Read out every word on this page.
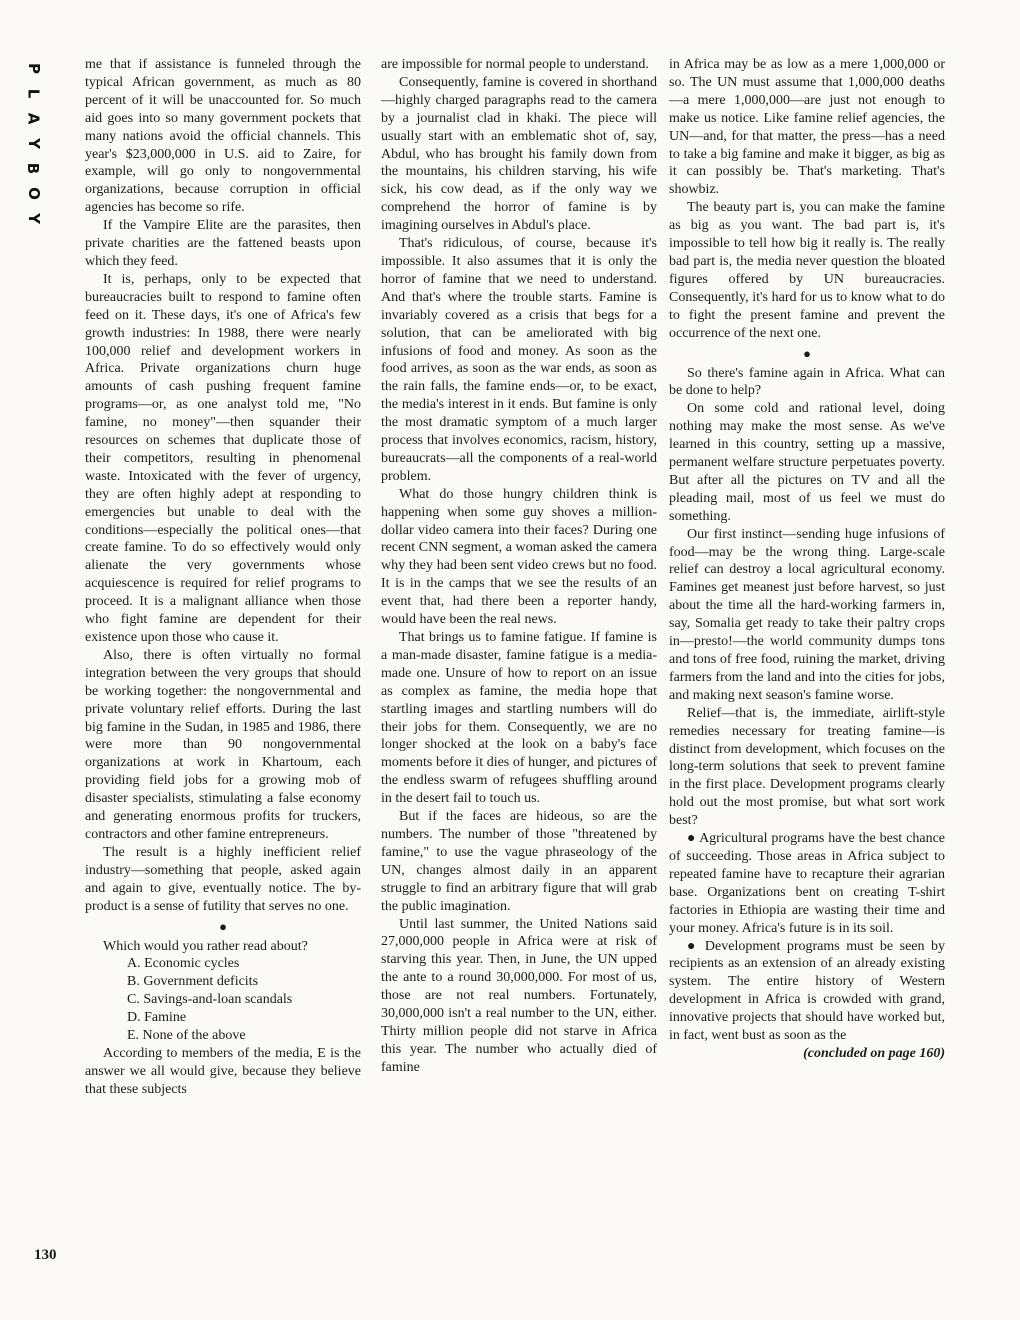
P
L
A
Y
B
O
Y
130

me that if assistance is funneled through the typical African government, as much as 80 percent of it will be unaccounted for. So much aid goes into so many government pockets that many nations avoid the official channels. This year's $23,000,000 in U.S. aid to Zaire, for example, will go only to nongovernmental organizations, because corruption in official agencies has become so rife.

If the Vampire Elite are the parasites, then private charities are the fattened beasts upon which they feed.

It is, perhaps, only to be expected that bureaucracies built to respond to famine often feed on it. These days, it's one of Africa's few growth industries: In 1988, there were nearly 100,000 relief and development workers in Africa. Private organizations churn huge amounts of cash pushing frequent famine programs—or, as one analyst told me, "No famine, no money"—then squander their resources on schemes that duplicate those of their competitors, resulting in phenomenal waste. Intoxicated with the fever of urgency, they are often highly adept at responding to emergencies but unable to deal with the conditions—especially the political ones—that create famine. To do so effectively would only alienate the very governments whose acquiescence is required for relief programs to proceed. It is a malignant alliance when those who fight famine are dependent for their existence upon those who cause it.

Also, there is often virtually no formal integration between the very groups that should be working together: the nongovernmental and private voluntary relief efforts. During the last big famine in the Sudan, in 1985 and 1986, there were more than 90 nongovernmental organizations at work in Khartoum, each providing field jobs for a growing mob of disaster specialists, stimulating a false economy and generating enormous profits for truckers, contractors and other famine entrepreneurs.

The result is a highly inefficient relief industry—something that people, asked again and again to give, eventually notice. The by-product is a sense of futility that serves no one.

●

Which would you rather read about?

A. Economic cycles

B. Government deficits

C. Savings-and-loan scandals

D. Famine

E. None of the above

According to members of the media, E is the answer we all would give, because they believe that these subjects

are impossible for normal people to understand.

Consequently, famine is covered in shorthand—highly charged paragraphs read to the camera by a journalist clad in khaki. The piece will usually start with an emblematic shot of, say, Abdul, who has brought his family down from the mountains, his children starving, his wife sick, his cow dead, as if the only way we comprehend the horror of famine is by imagining ourselves in Abdul's place.

That's ridiculous, of course, because it's impossible. It also assumes that it is only the horror of famine that we need to understand. And that's where the trouble starts. Famine is invariably covered as a crisis that begs for a solution, that can be ameliorated with big infusions of food and money. As soon as the food arrives, as soon as the war ends, as soon as the rain falls, the famine ends—or, to be exact, the media's interest in it ends. But famine is only the most dramatic symptom of a much larger process that involves economics, racism, history, bureaucrats—all the components of a real-world problem.

What do those hungry children think is happening when some guy shoves a million-dollar video camera into their faces? During one recent CNN segment, a woman asked the camera why they had been sent video crews but no food. It is in the camps that we see the results of an event that, had there been a reporter handy, would have been the real news.

That brings us to famine fatigue. If famine is a man-made disaster, famine fatigue is a media-made one. Unsure of how to report on an issue as complex as famine, the media hope that startling images and startling numbers will do their jobs for them. Consequently, we are no longer shocked at the look on a baby's face moments before it dies of hunger, and pictures of the endless swarm of refugees shuffling around in the desert fail to touch us.

But if the faces are hideous, so are the numbers. The number of those "threatened by famine," to use the vague phraseology of the UN, changes almost daily in an apparent struggle to find an arbitrary figure that will grab the public imagination.

Until last summer, the United Nations said 27,000,000 people in Africa were at risk of starving this year. Then, in June, the UN upped the ante to a round 30,000,000. For most of us, those are not real numbers. Fortunately, 30,000,000 isn't a real number to the UN, either. Thirty million people did not starve in Africa this year. The number who actually died of famine

in Africa may be as low as a mere 1,000,000 or so. The UN must assume that 1,000,000 deaths—a mere 1,000,000—are just not enough to make us notice. Like famine relief agencies, the UN—and, for that matter, the press—has a need to take a big famine and make it bigger, as big as it can possibly be. That's marketing. That's showbiz.

The beauty part is, you can make the famine as big as you want. The bad part is, it's impossible to tell how big it really is. The really bad part is, the media never question the bloated figures offered by UN bureaucracies. Consequently, it's hard for us to know what to do to fight the present famine and prevent the occurrence of the next one.

●

So there's famine again in Africa. What can be done to help?

On some cold and rational level, doing nothing may make the most sense. As we've learned in this country, setting up a massive, permanent welfare structure perpetuates poverty. But after all the pictures on TV and all the pleading mail, most of us feel we must do something.

Our first instinct—sending huge infusions of food—may be the wrong thing. Large-scale relief can destroy a local agricultural economy. Famines get meanest just before harvest, so just about the time all the hard-working farmers in, say, Somalia get ready to take their paltry crops in—presto!—the world community dumps tons and tons of free food, ruining the market, driving farmers from the land and into the cities for jobs, and making next season's famine worse.

Relief—that is, the immediate, airlift-style remedies necessary for treating famine—is distinct from development, which focuses on the long-term solutions that seek to prevent famine in the first place. Development programs clearly hold out the most promise, but what sort work best?

● Agricultural programs have the best chance of succeeding. Those areas in Africa subject to repeated famine have to recapture their agrarian base. Organizations bent on creating T-shirt factories in Ethiopia are wasting their time and your money. Africa's future is in its soil.

● Development programs must be seen by recipients as an extension of an already existing system. The entire history of Western development in Africa is crowded with grand, innovative projects that should have worked but, in fact, went bust as soon as the

(concluded on page 160)
